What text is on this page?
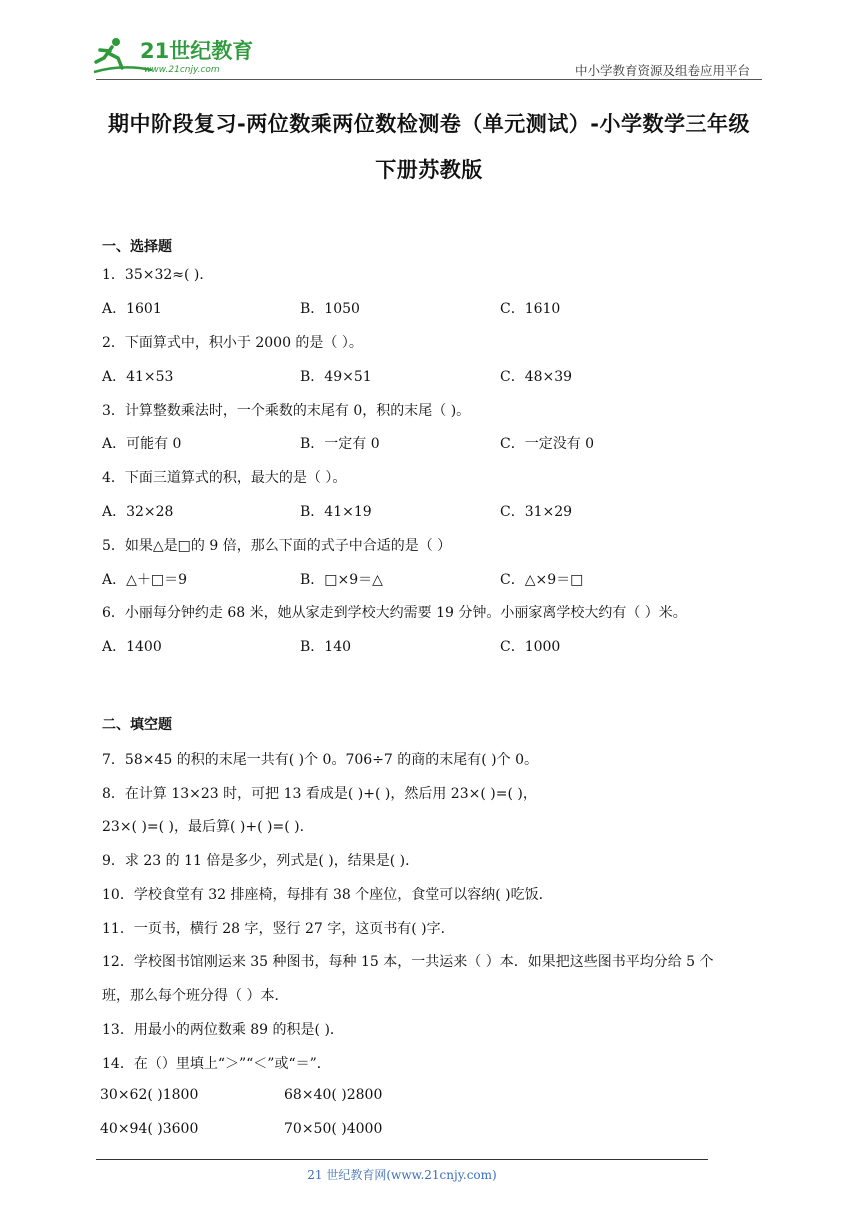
21世纪教育
www.21cnjy.com	中小学教育资源及组卷应用平台
期中阶段复习-两位数乘两位数检测卷（单元测试）-小学数学三年级
下册苏教版
一、选择题
1．35×32≈( )．
A．1601	B．1050	C．1610
2．下面算式中，积小于 2000 的是（ ）。
A．41×53	B．49×51	C．48×39
3．计算整数乘法时，一个乘数的末尾有 0，积的末尾（ )。
A．可能有 0	B．一定有 0	C．一定没有 0
4．下面三道算式的积，最大的是（ ）。
A．32×28	B．41×19	C．31×29
5．如果△是□的 9 倍，那么下面的式子中合适的是（ ）
A．△＋□＝9	B．□×9＝△	C．△×9＝□
6．小丽每分钟约走 68 米，她从家走到学校大约需要 19 分钟。小丽家离学校大约有（ ）米。
A．1400	B．140	C．1000
二、填空题
7．58×45 的积的末尾一共有( )个 0。706÷7 的商的末尾有( )个 0。
8．在计算 13×23 时，可把 13 看成是( )+( )，然后用 23×( )=( )，
23×( )=( )，最后算( )+( )=( )．
9．求 23 的 11 倍是多少，列式是( )，结果是( )．
10．学校食堂有 32 排座椅，每排有 38 个座位，食堂可以容纳( )吃饭．
11．一页书，横行 28 字，竖行 27 字，这页书有( )字．
12．学校图书馆刚运来 35 种图书，每种 15 本，一共运来（ ）本．如果把这些图书平均分给 5 个
班，那么每个班分得（ ）本．
13．用最小的两位数乘 89 的积是( )．
14．在（）里填上“＞”“＜”或“＝”．
30×62( )1800	68×40( )2800
40×94( )3600	70×50( )4000
21 世纪教育网(www.21cnjy.com)
